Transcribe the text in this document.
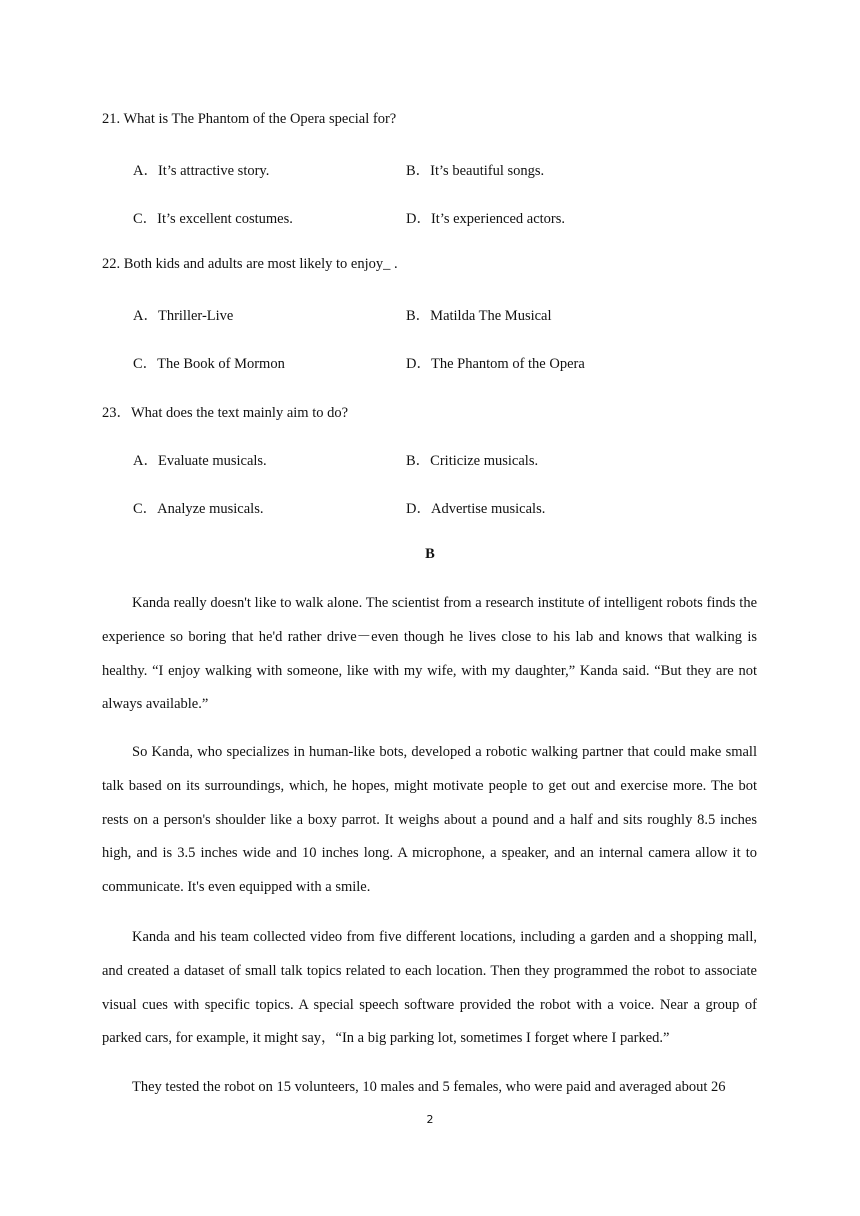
21. What is The Phantom of the Opera special for?
A．It’s attractive story.	B．It’s beautiful songs.
C．It’s excellent costumes.	D．It’s experienced actors.
22. Both kids and adults are most likely to enjoy_ .
A．Thriller-Live	B．Matilda The Musical
C．The Book of Mormon	D．The Phantom of the Opera
23．What does the text mainly aim to do?
A．Evaluate musicals.	B．Criticize musicals.
C．Analyze musicals.	D．Advertise musicals.
B

Kanda really doesn't like to walk alone. The scientist from a research institute of intelligent robots finds the experience so boring that he'd rather drive－even though he lives close to his lab and knows that walking is healthy. “I enjoy walking with someone, like with my wife, with my daughter,” Kanda said. “But they are not always available.”

So Kanda, who specializes in human-like bots, developed a robotic walking partner that could make small talk based on its surroundings, which, he hopes, might motivate people to get out and exercise more. The bot rests on a person's shoulder like a boxy parrot. It weighs about a pound and a half and sits roughly 8.5 inches high, and is 3.5 inches wide and 10 inches long. A microphone, a speaker, and an internal camera allow it to communicate. It's even equipped with a smile.

Kanda and his team collected video from five different locations, including a garden and a shopping mall, and created a dataset of small talk topics related to each location. Then they programmed the robot to associate visual cues with specific topics. A special speech software provided the robot with a voice. Near a group of parked cars, for example, it might say，“In a big parking lot, sometimes I forget where I parked.”

They tested the robot on 15 volunteers, 10 males and 5 females, who were paid and averaged about 26

2
